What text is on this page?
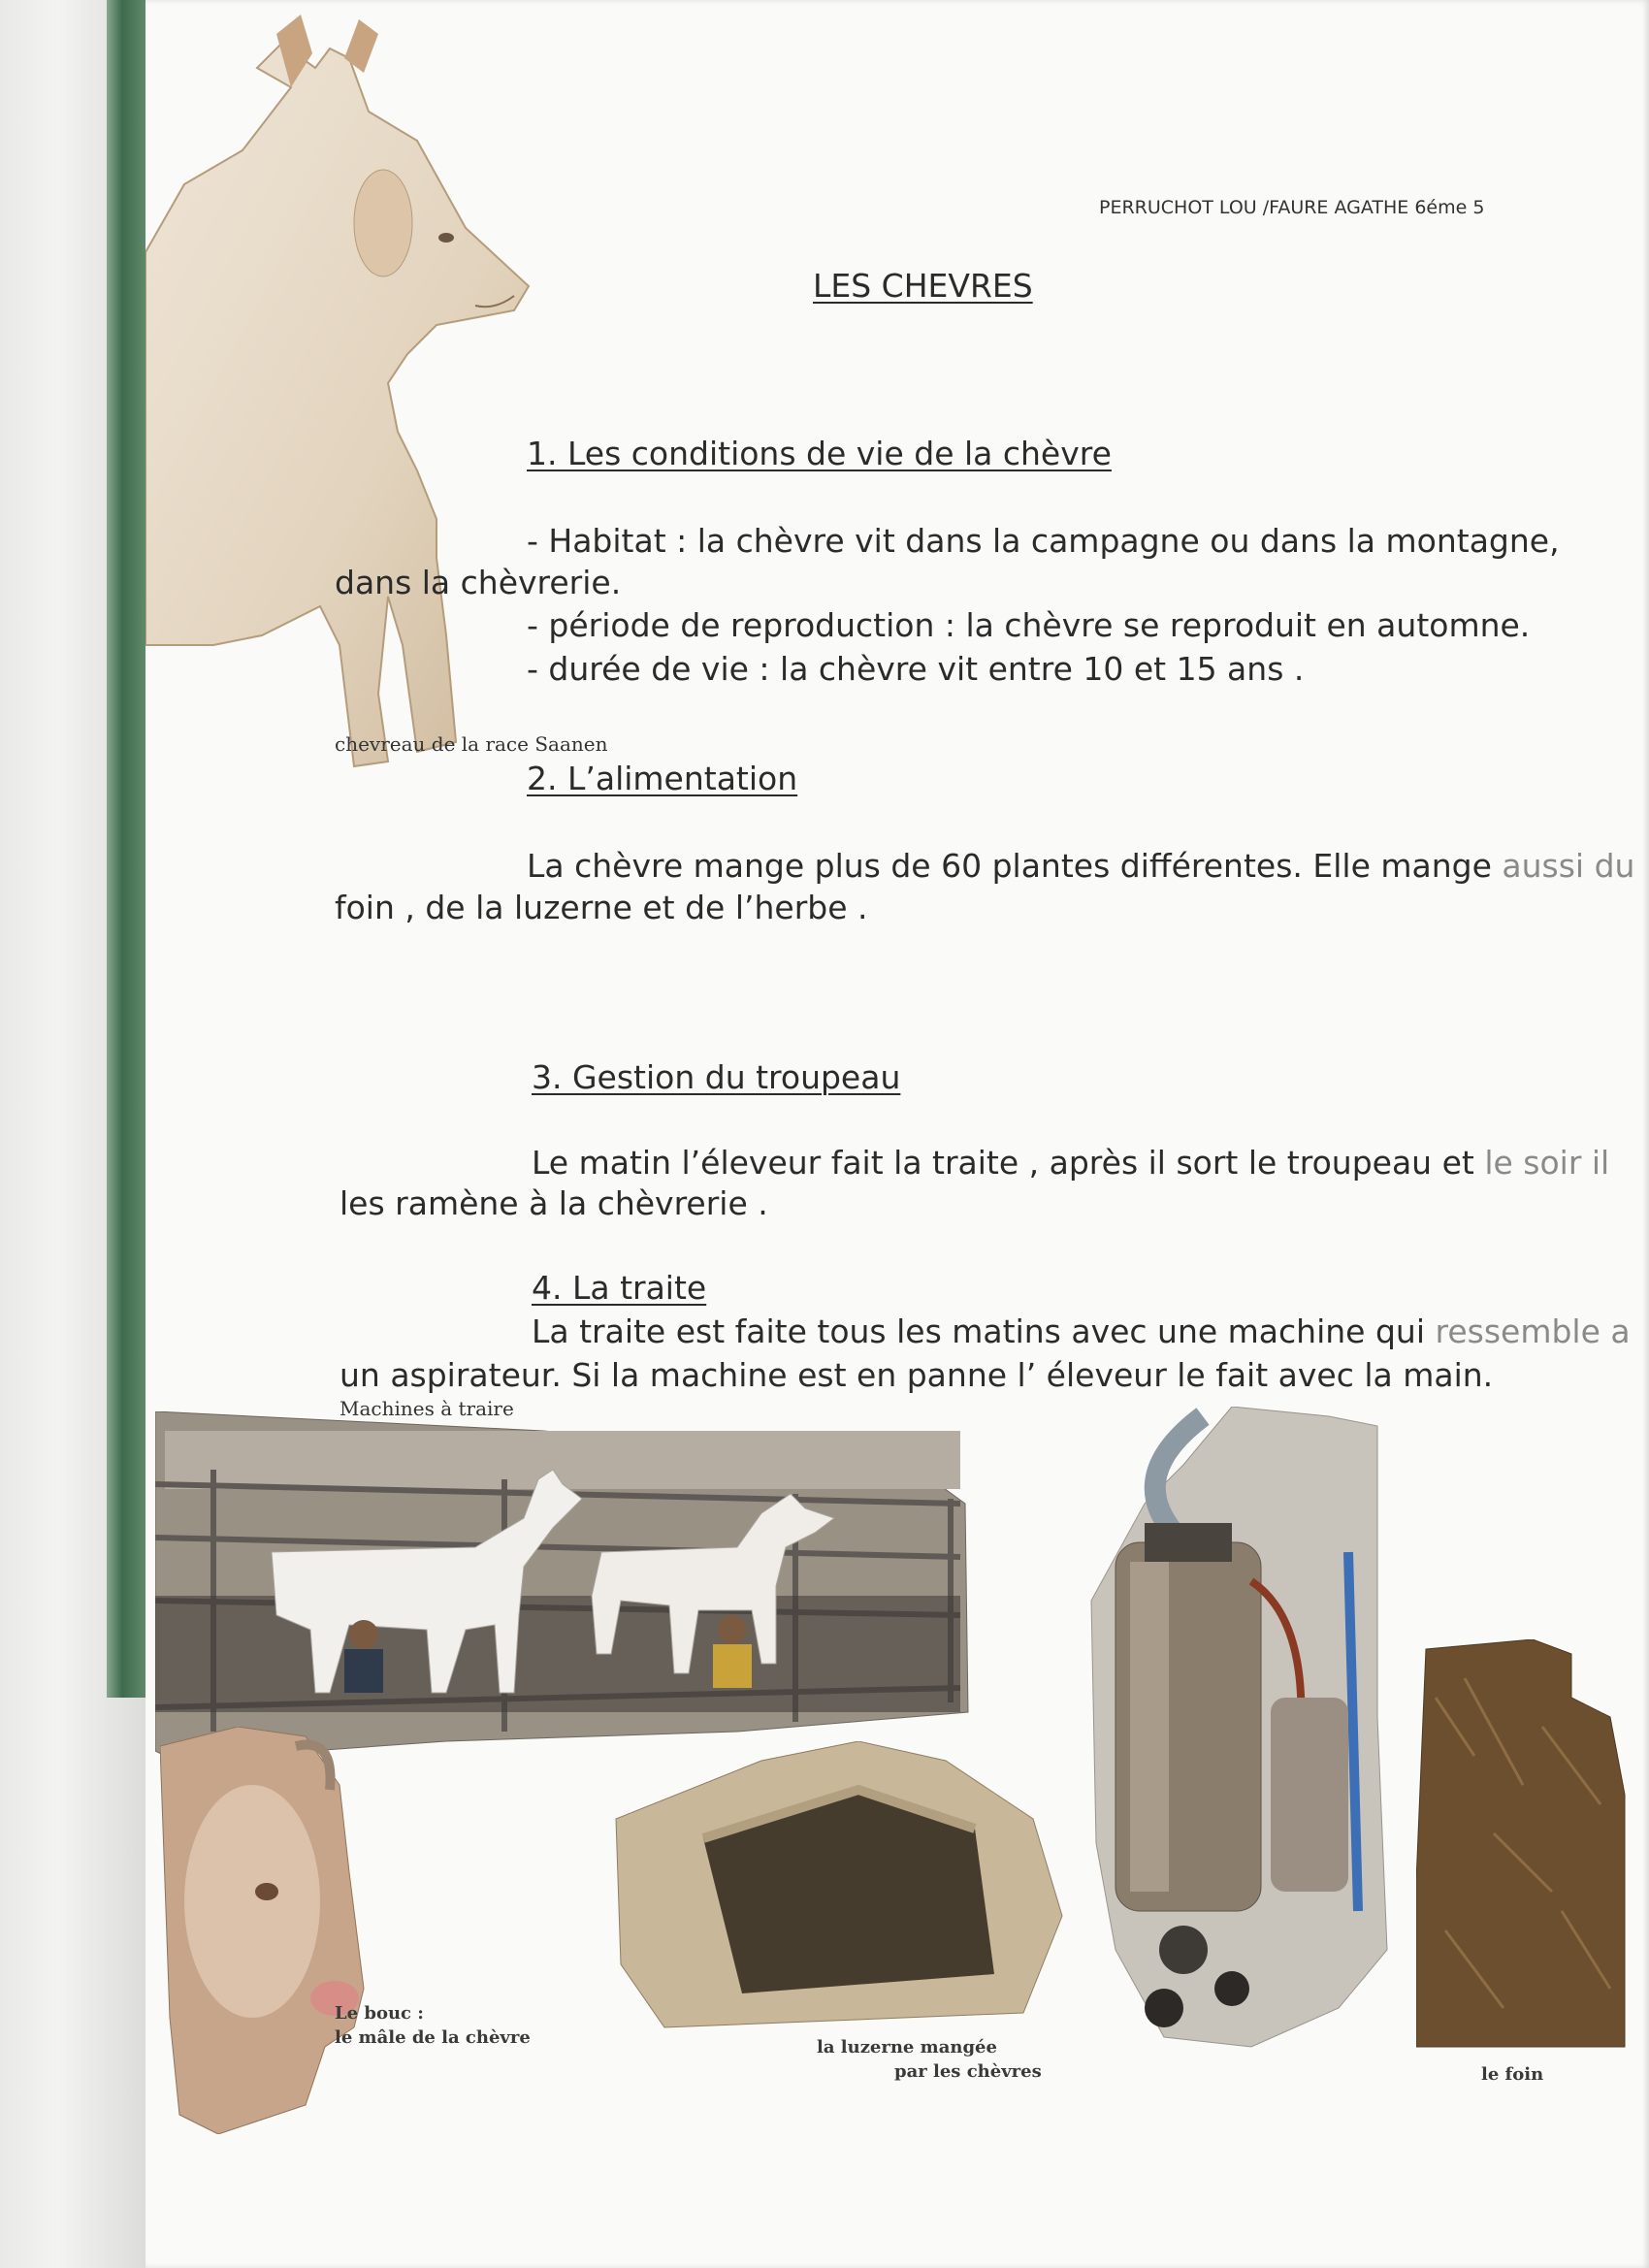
PERRUCHOT LOU /FAURE AGATHE 6éme 5
LES CHEVRES
1. Les conditions de vie de la chèvre
- Habitat : la chèvre vit dans la campagne ou dans la montagne,
dans la chèvrerie.
- période de reproduction : la chèvre se reproduit en automne.
- durée de vie : la chèvre vit entre 10 et 15 ans .
chevreau de la race Saanen
2. L’alimentation
La chèvre mange plus de 60 plantes différentes. Elle mange aussi du
foin , de la luzerne et de l’herbe .
3. Gestion du troupeau
Le matin l’éleveur fait la traite , après il sort le troupeau et le soir il
les ramène à la chèvrerie .
4. La traite
La traite est faite tous les matins avec une machine qui ressemble a
un aspirateur. Si la machine est en panne l’ éleveur le fait avec la main.
Machines à traire
Le bouc :
le mâle de la chèvre	la luzerne mangée
par les chèvres	le foin
